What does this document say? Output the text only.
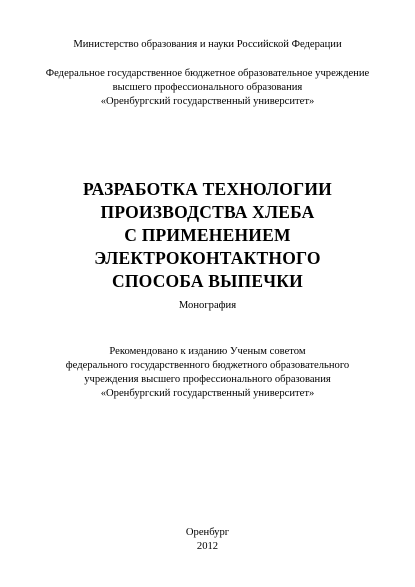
Министерство образования и науки Российской Федерации
Федеральное государственное бюджетное образовательное учреждение
высшего профессионального образования
«Оренбургский государственный университет»
РАЗРАБОТКА ТЕХНОЛОГИИ
ПРОИЗВОДСТВА ХЛЕБА
С ПРИМЕНЕНИЕМ
ЭЛЕКТРОКОНТАКТНОГО
СПОСОБА ВЫПЕЧКИ
Монография
Рекомендовано к изданию Ученым советом
федерального государственного бюджетного образовательного
учреждения высшего профессионального образования
«Оренбургский государственный университет»
Оренбург
2012
